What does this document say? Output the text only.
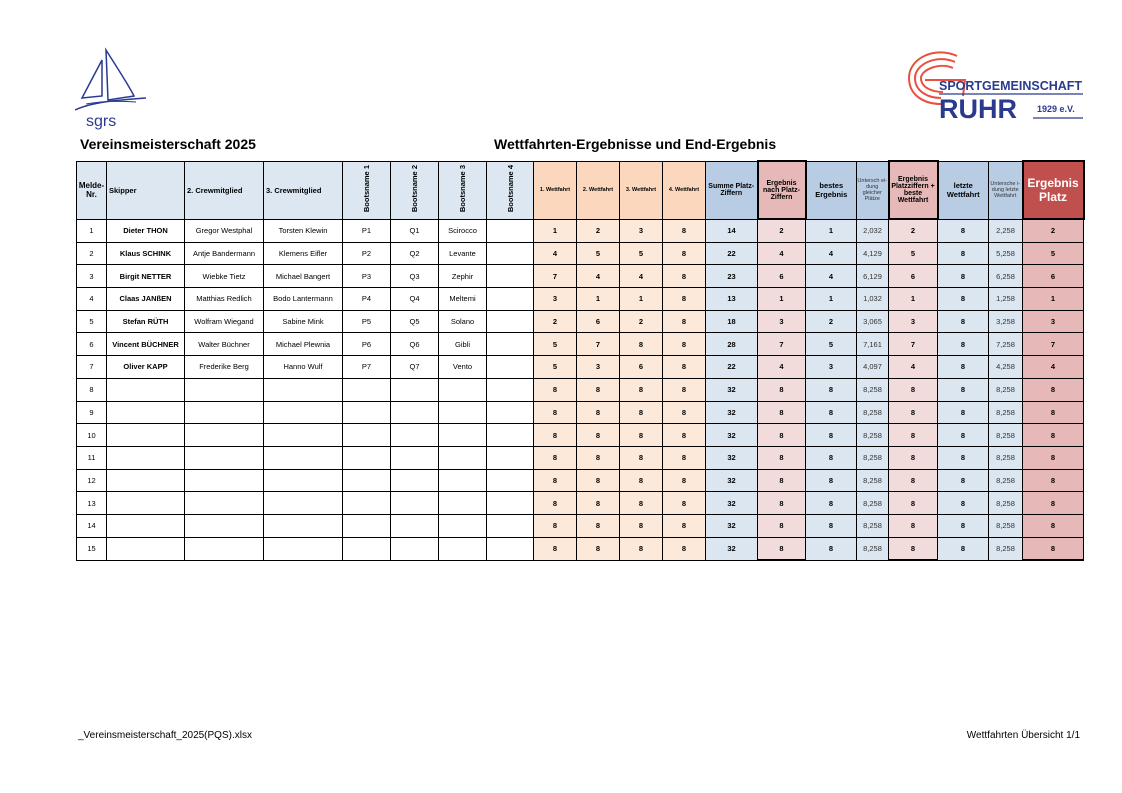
sgrs
SPORTGEMEINSCHAFT
RUHR 1929 e.V.
Vereinsmeisterschaft 2025	Wettfahrten-Ergebnisse und End-Ergebnis
Melde-Nr.	Skipper	2. Crewmitglied	3. Crewmitglied	Bootsname 1	Bootsname 2	Bootsname 3	Bootsname 4	1. Wettfahrt	2. Wettfahrt	3. Wettfahrt	4. Wettfahrt	Summe Platz-Ziffern	Ergebnis nach Platz-Ziffern	bestes Ergebnis	Untersch ei-dung gleicher Plätze	Ergebnis Platzziffern + beste Wettfahrt	letzte Wettfahrt	Untersche i-dung letzte Wettfahrt	Ergebnis Platz
1	Dieter THON	Gregor Westphal	Torsten Klewin	P1	Q1	Scirocco		1	2	3	8	14	2	1	2,032	2	8	2,258	2
2	Klaus SCHINK	Antje Bandermann	Klemens Eifler	P2	Q2	Levante		4	5	5	8	22	4	4	4,129	5	8	5,258	5
3	Birgit NETTER	Wiebke Tietz	Michael Bangert	P3	Q3	Zephir		7	4	4	8	23	6	4	6,129	6	8	6,258	6
4	Claas JANßEN	Matthias Redlich	Bodo Lantermann	P4	Q4	Meltemi		3	1	1	8	13	1	1	1,032	1	8	1,258	1
5	Stefan RÜTH	Wolfram Wiegand	Sabine Mink	P5	Q5	Solano		2	6	2	8	18	3	2	3,065	3	8	3,258	3
6	Vincent BÜCHNER	Walter Büchner	Michael Plewnia	P6	Q6	Gibli		5	7	8	8	28	7	5	7,161	7	8	7,258	7
7	Oliver KAPP	Frederike Berg	Hanno Wulf	P7	Q7	Vento		5	3	6	8	22	4	3	4,097	4	8	4,258	4
8								8	8	8	8	32	8	8	8,258	8	8	8,258	8
9								8	8	8	8	32	8	8	8,258	8	8	8,258	8
10								8	8	8	8	32	8	8	8,258	8	8	8,258	8
11								8	8	8	8	32	8	8	8,258	8	8	8,258	8
12								8	8	8	8	32	8	8	8,258	8	8	8,258	8
13								8	8	8	8	32	8	8	8,258	8	8	8,258	8
14								8	8	8	8	32	8	8	8,258	8	8	8,258	8
15								8	8	8	8	32	8	8	8,258	8	8	8,258	8
_Vereinsmeisterschaft_2025(PQS).xlsx	Wettfahrten Übersicht 1/1
